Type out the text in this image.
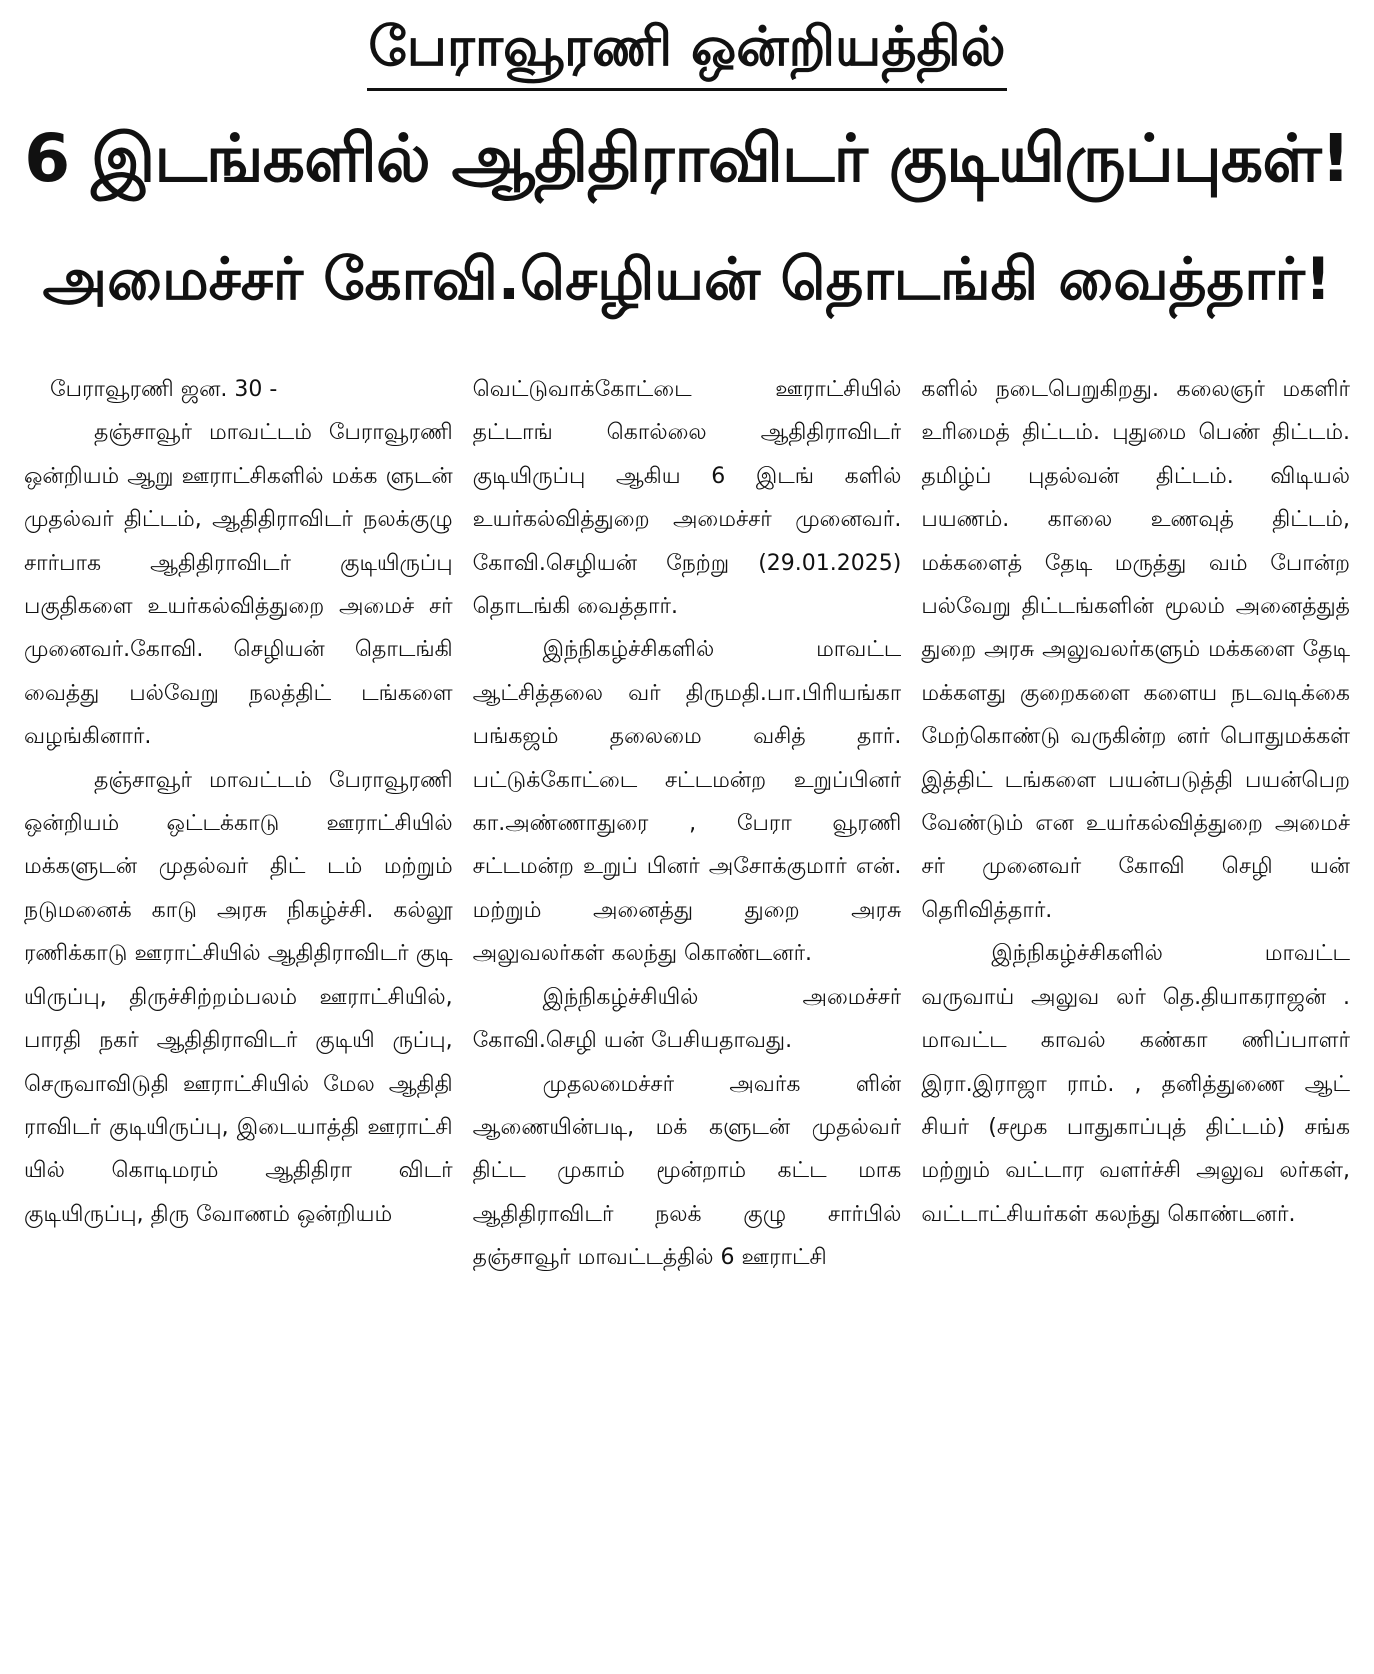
பேராவூரணி ஒன்றியத்தில்
6 இடங்களில் ஆதிதிராவிடர் குடியிருப்புகள்!
அமைச்சர் கோவி.செழியன் தொடங்கி வைத்தார்!

பேராவூரணி ஜன. 30 -

தஞ்சாவூர் மாவட்டம் பேராவூரணி ஒன்றியம் ஆறு ஊராட்சிகளில் மக்க ளுடன் முதல்வர் திட்டம், ஆதிதிராவிடர் நலக்குழு சார்பாக ஆதிதிராவிடர் குடியிருப்பு பகுதிகளை உயர்கல்வித்துறை அமைச் சர் முனைவர்.கோவி. செழியன் தொடங்கி வைத்து பல்வேறு நலத்திட் டங்களை வழங்கினார்.

தஞ்சாவூர் மாவட்டம் பேராவூரணி ஒன்றியம் ஒட்டக்காடு ஊராட்சியில் மக்களுடன் முதல்வர் திட் டம் மற்றும் நடுமனைக் காடு அரசு நிகழ்ச்சி. கல்லூ ரணிக்காடு ஊராட்சியில் ஆதிதிராவிடர் குடி யிருப்பு, திருச்சிற்றம்பலம் ஊராட்சியில், பாரதி நகர் ஆதிதிராவிடர் குடியி ருப்பு, செருவாவிடுதி ஊராட்சியில் மேல ஆதிதி ராவிடர் குடியிருப்பு, இடையாத்தி ஊராட்சி யில் கொடிமரம் ஆதிதிரா விடர் குடியிருப்பு, திரு வோணம் ஒன்றியம்

வெட்டுவாக்கோட்டை ஊராட்சியில் தட்டாங் கொல்லை ஆதிதிராவிடர் குடியிருப்பு ஆகிய 6 இடங் களில் உயர்கல்வித்துறை அமைச்சர் முனைவர். கோவி.செழியன் நேற்று (29.01.2025) தொடங்கி வைத்தார்.

இந்நிகழ்ச்சிகளில் மாவட்ட ஆட்சித்தலை வர் திருமதி.பா.பிரியங்கா பங்கஜம் தலைமை வசித் தார். பட்டுக்கோட்டை சட்டமன்ற உறுப்பினர் கா.அண்ணாதுரை , பேரா வூரணி சட்டமன்ற உறுப் பினர் அசோக்குமார் என். மற்றும் அனைத்து துறை அரசு அலுவலர்கள் கலந்து கொண்டனர்.

இந்நிகழ்ச்சியில் அமைச்சர் கோவி.செழி யன் பேசியதாவது.

முதலமைச்சர் அவர்க ளின் ஆணையின்படி, மக் களுடன் முதல்வர் திட்ட முகாம் மூன்றாம் கட்ட மாக ஆதிதிராவிடர் நலக் குழு சார்பில் தஞ்சாவூர் மாவட்டத்தில் 6 ஊராட்சி

களில் நடைபெறுகிறது. கலைஞர் மகளிர் உரிமைத் திட்டம். புதுமை பெண் திட்டம். தமிழ்ப் புதல்வன் திட்டம். விடியல் பயணம். காலை உணவுத் திட்டம், மக்களைத் தேடி மருத்து வம் போன்ற பல்வேறு திட்டங்களின் மூலம் அனைத்துத் துறை அரசு அலுவலர்களும் மக்களை தேடி மக்களது குறைகளை களைய நடவடிக்கை மேற்கொண்டு வருகின்ற னர் பொதுமக்கள் இத்திட் டங்களை பயன்படுத்தி பயன்பெற வேண்டும் என உயர்கல்வித்துறை அமைச் சர் முனைவர் கோவி செழி யன் தெரிவித்தார்.

இந்நிகழ்ச்சிகளில் மாவட்ட வருவாய் அலுவ லர் தெ.தியாகராஜன் . மாவட்ட காவல் கண்கா ணிப்பாளர் இரா.இராஜா ராம். , தனித்துணை ஆட் சியர் (சமூக பாதுகாப்புத் திட்டம்) சங்க மற்றும் வட்டார வளர்ச்சி அலுவ லர்கள், வட்டாட்சியர்கள் கலந்து கொண்டனர்.
